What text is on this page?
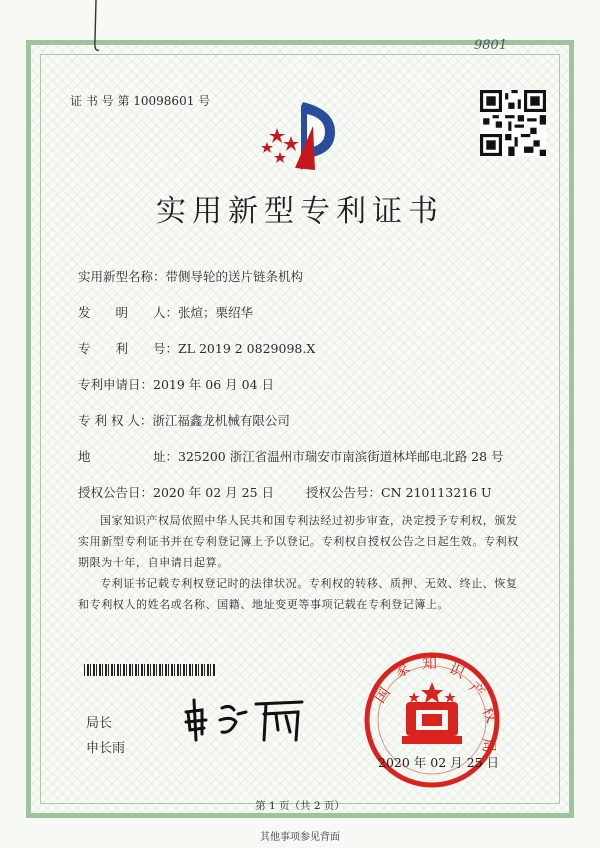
9801
证 书 号 第 10098601 号
实用新型专利证书
实用新型名称：带侧导轮的送片链条机构
发　　明　　人：张煊；栗绍华
专　　利　　号：ZL 2019 2 0829098.X
专利申请日：2019 年 06 月 04 日
专 利 权 人：浙江福鑫龙机械有限公司
地　　　　　址：325200 浙江省温州市瑞安市南滨街道林垟邮电北路 28 号
授权公告日：2020 年 02 月 25 日	授权公告号：CN 210113216 U
国家知识产权局依照中华人民共和国专利法经过初步审查，决定授予专利权，颁发实用新型专利证书并在专利登记簿上予以登记。专利权自授权公告之日起生效。专利权期限为十年，自申请日起算。
专利证书记载专利权登记时的法律状况。专利权的转移、质押、无效、终止、恢复和专利权人的姓名或名称、国籍、地址变更等事项记载在专利登记簿上。
局长
申长雨
国
家 知 识
产
权
局
2020 年 02 月 25 日
第 1 页（共 2 页）
其他事项参见背面
